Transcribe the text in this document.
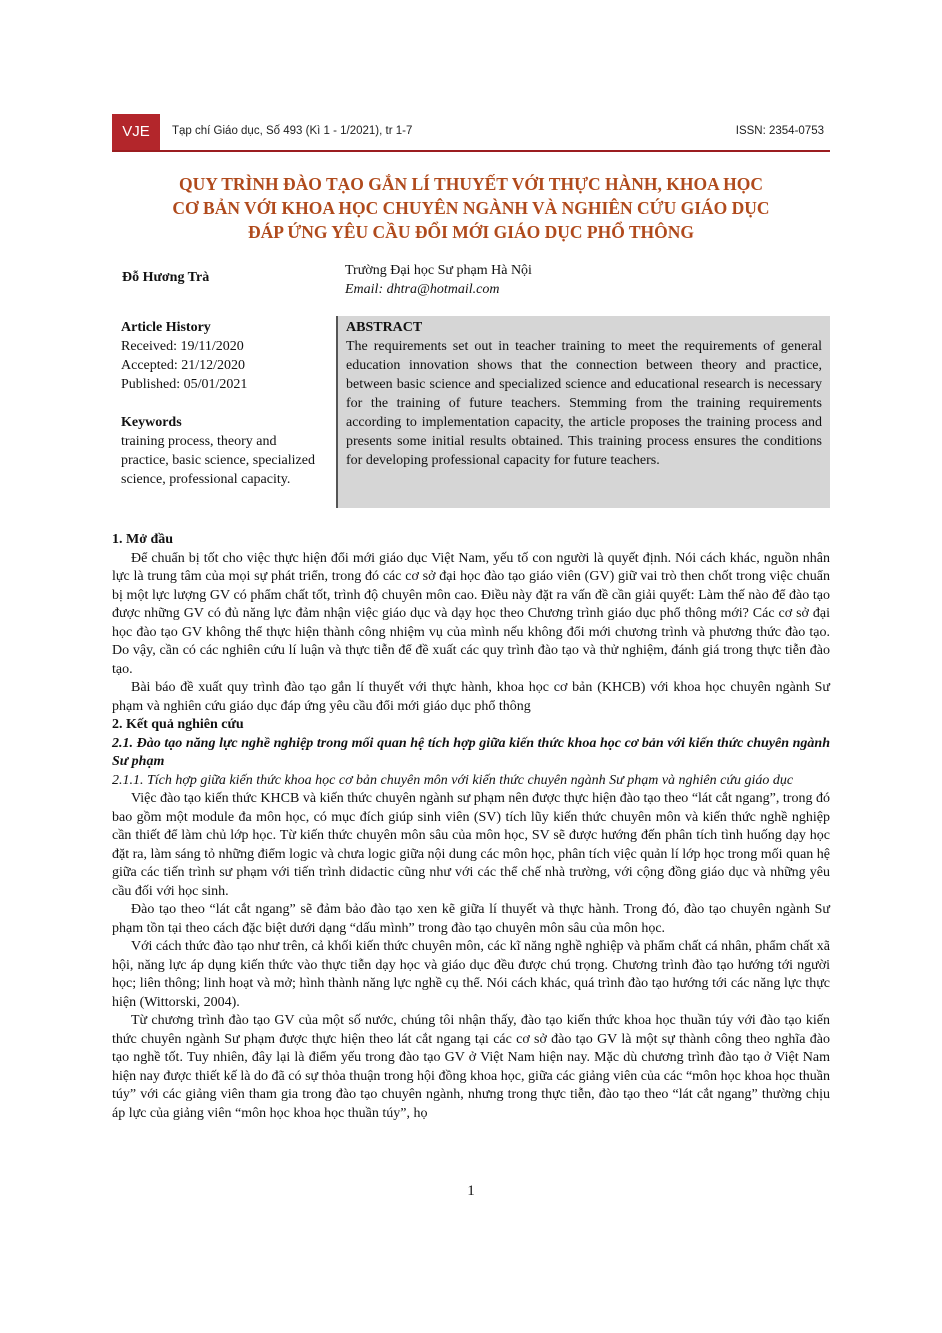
VJE	Tạp chí Giáo dục, Số 493 (Kì 1 - 1/2021), tr 1-7	ISSN: 2354-0753
QUY TRÌNH ĐÀO TẠO GẮN LÍ THUYẾT VỚI THỰC HÀNH, KHOA HỌC
CƠ BẢN VỚI KHOA HỌC CHUYÊN NGÀNH VÀ NGHIÊN CỨU GIÁO DỤC
ĐÁP ỨNG YÊU CẦU ĐỔI MỚI GIÁO DỤC PHỔ THÔNG
Đỗ Hương Trà	Trường Đại học Sư phạm Hà Nội
Email: dhtra@hotmail.com
Article History
Received: 19/11/2020
Accepted: 21/12/2020
Published: 05/01/2021
Keywords
training process, theory and practice, basic science, specialized science, professional capacity.
ABSTRACT

The requirements set out in teacher training to meet the requirements of general education innovation shows that the connection between theory and practice, between basic science and specialized science and educational research is necessary for the training of future teachers. Stemming from the training requirements according to implementation capacity, the article proposes the training process and presents some initial results obtained. This training process ensures the conditions for developing professional capacity for future teachers.

1. Mở đầu

Để chuẩn bị tốt cho việc thực hiện đổi mới giáo dục Việt Nam, yếu tố con người là quyết định. Nói cách khác, nguồn nhân lực là trung tâm của mọi sự phát triển, trong đó các cơ sở đại học đào tạo giáo viên (GV) giữ vai trò then chốt trong việc chuẩn bị một lực lượng GV có phẩm chất tốt, trình độ chuyên môn cao. Điều này đặt ra vấn đề cần giải quyết: Làm thế nào để đào tạo được những GV có đủ năng lực đảm nhận việc giáo dục và dạy học theo Chương trình giáo dục phổ thông mới? Các cơ sở đại học đào tạo GV không thể thực hiện thành công nhiệm vụ của mình nếu không đổi mới chương trình và phương thức đào tạo. Do vậy, cần có các nghiên cứu lí luận và thực tiễn để đề xuất các quy trình đào tạo và thử nghiệm, đánh giá trong thực tiễn đào tạo.

Bài báo đề xuất quy trình đào tạo gắn lí thuyết với thực hành, khoa học cơ bản (KHCB) với khoa học chuyên ngành Sư phạm và nghiên cứu giáo dục đáp ứng yêu cầu đổi mới giáo dục phổ thông

2. Kết quả nghiên cứu
2.1. Đào tạo năng lực nghề nghiệp trong mối quan hệ tích hợp giữa kiến thức khoa học cơ bản với kiến thức chuyên ngành Sư phạm
2.1.1. Tích hợp giữa kiến thức khoa học cơ bản chuyên môn với kiến thức chuyên ngành Sư phạm và nghiên cứu giáo dục

Việc đào tạo kiến thức KHCB và kiến thức chuyên ngành sư phạm nên được thực hiện đào tạo theo “lát cắt ngang”, trong đó bao gồm một module đa môn học, có mục đích giúp sinh viên (SV) tích lũy kiến thức chuyên môn và kiến thức nghề nghiệp cần thiết để làm chủ lớp học. Từ kiến thức chuyên môn sâu của môn học, SV sẽ được hướng đến phân tích tình huống dạy học đặt ra, làm sáng tỏ những điểm logic và chưa logic giữa nội dung các môn học, phân tích việc quản lí lớp học trong mối quan hệ giữa các tiến trình sư phạm với tiến trình didactic cũng như với các thể chế nhà trường, với cộng đồng giáo dục và những yêu cầu đối với học sinh.

Đào tạo theo “lát cắt ngang” sẽ đảm bảo đào tạo xen kẽ giữa lí thuyết và thực hành. Trong đó, đào tạo chuyên ngành Sư phạm tồn tại theo cách đặc biệt dưới dạng “dấu mình” trong đào tạo chuyên môn sâu của môn học.

Với cách thức đào tạo như trên, cả khối kiến thức chuyên môn, các kĩ năng nghề nghiệp và phẩm chất cá nhân, phẩm chất xã hội, năng lực áp dụng kiến thức vào thực tiễn dạy học và giáo dục đều được chú trọng. Chương trình đào tạo hướng tới người học; liên thông; linh hoạt và mở; hình thành năng lực nghề cụ thể. Nói cách khác, quá trình đào tạo hướng tới các năng lực thực hiện (Wittorski, 2004).

Từ chương trình đào tạo GV của một số nước, chúng tôi nhận thấy, đào tạo kiến thức khoa học thuần túy với đào tạo kiến thức chuyên ngành Sư phạm được thực hiện theo lát cắt ngang tại các cơ sở đào tạo GV là một sự thành công theo nghĩa đào tạo nghề tốt. Tuy nhiên, đây lại là điểm yếu trong đào tạo GV ở Việt Nam hiện nay. Mặc dù chương trình đào tạo ở Việt Nam hiện nay được thiết kế là do đã có sự thỏa thuận trong hội đồng khoa học, giữa các giảng viên của các “môn học khoa học thuần túy” với các giảng viên tham gia trong đào tạo chuyên ngành, nhưng trong thực tiễn, đào tạo theo “lát cắt ngang” thường chịu áp lực của giảng viên “môn học khoa học thuần túy”, họ

1
